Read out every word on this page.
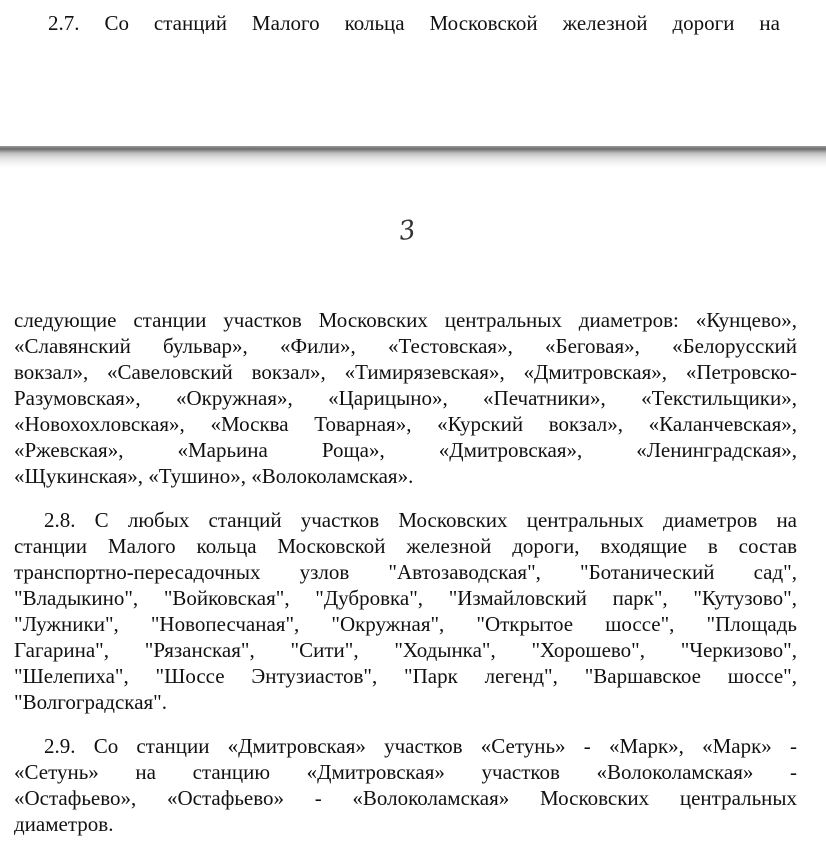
2.7. Со станций Малого кольца Московской железной дороги на
3
следующие станции участков Московских центральных диаметров: «Кунцево»,
«Славянский бульвар», «Фили», «Тестовская», «Беговая», «Белорусский
вокзал», «Савеловский вокзал», «Тимирязевская», «Дмитровская», «Петровско-
Разумовская», «Окружная», «Царицыно», «Печатники», «Текстильщики»,
«Новохохловская», «Москва Товарная», «Курский вокзал», «Каланчевская»,
«Ржевская», «Марьина Роща», «Дмитровская», «Ленинградская»,
«Щукинская», «Тушино», «Волоколамская».
2.8. С любых станций участков Московских центральных диаметров на
станции Малого кольца Московской железной дороги, входящие в состав
транспортно-пересадочных узлов "Автозаводская", "Ботанический сад",
"Владыкино", "Войковская", "Дубровка", "Измайловский парк", "Кутузово",
"Лужники", "Новопесчаная", "Окружная", "Открытое шоссе", "Площадь
Гагарина", "Рязанская", "Сити", "Ходынка", "Хорошево", "Черкизово",
"Шелепиха", "Шоссе Энтузиастов", "Парк легенд", "Варшавское шоссе",
"Волгоградская".
2.9. Со станции «Дмитровская» участков «Сетунь» - «Марк», «Марк» -
«Сетунь» на станцию «Дмитровская» участков «Волоколамская» -
«Остафьево», «Остафьево» - «Волоколамская» Московских центральных
диаметров.
